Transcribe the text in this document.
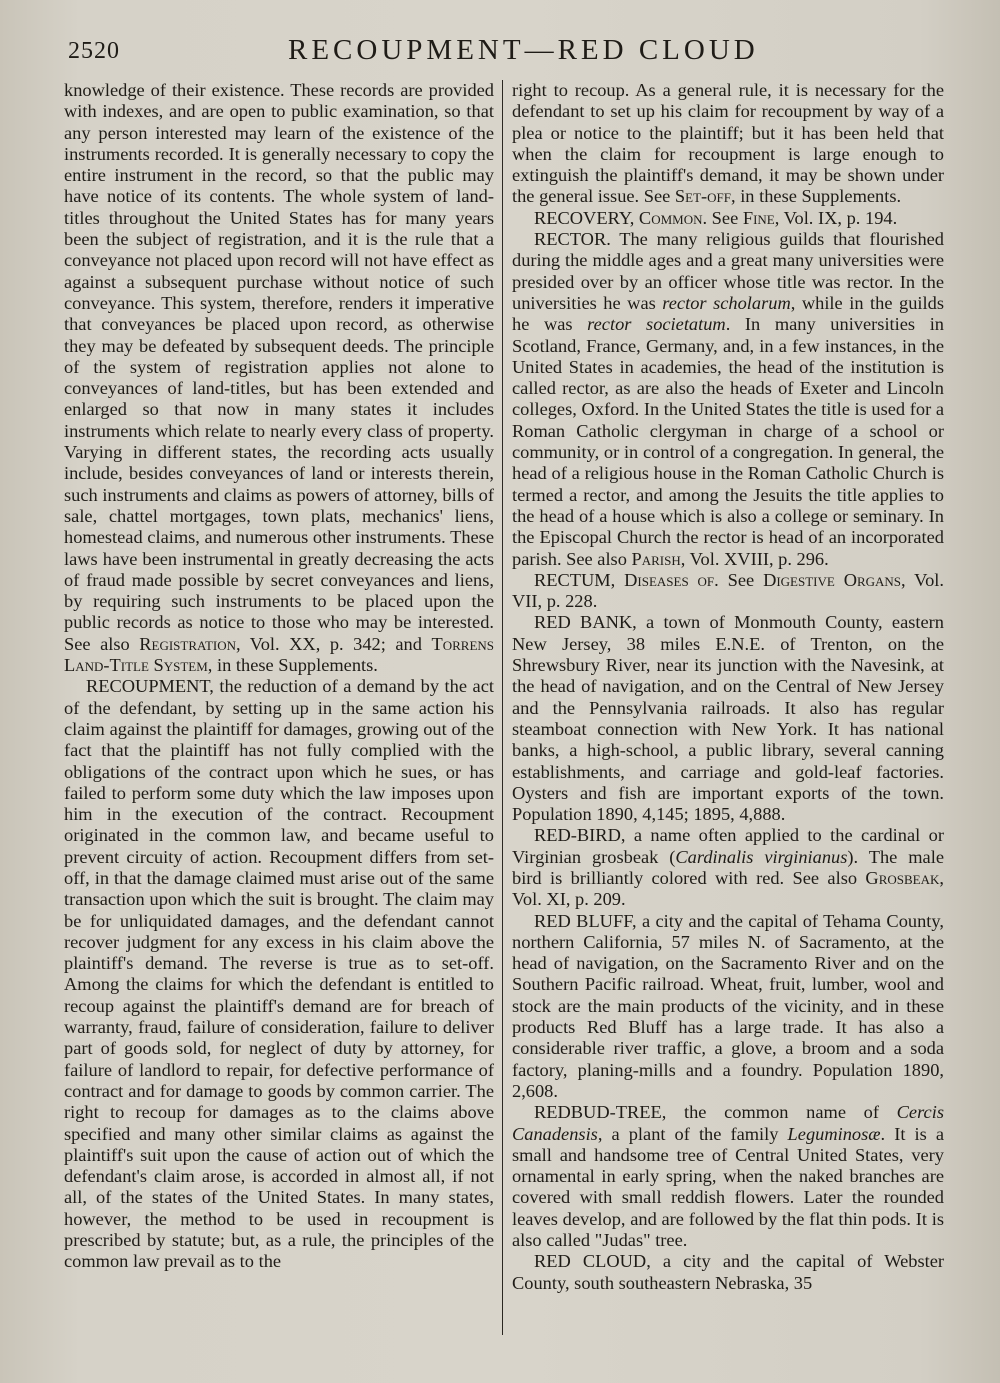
2520	RECOUPMENT—RED CLOUD

knowledge of their existence. These records are provided with indexes, and are open to public examination, so that any person interested may learn of the existence of the instruments recorded. It is generally necessary to copy the entire instrument in the record, so that the public may have notice of its contents. The whole system of land-titles throughout the United States has for many years been the subject of registration, and it is the rule that a conveyance not placed upon record will not have effect as against a subsequent purchase without notice of such conveyance. This system, therefore, renders it imperative that conveyances be placed upon record, as otherwise they may be defeated by subsequent deeds. The principle of the system of registration applies not alone to conveyances of land-titles, but has been extended and enlarged so that now in many states it includes instruments which relate to nearly every class of property. Varying in different states, the recording acts usually include, besides conveyances of land or interests therein, such instruments and claims as powers of attorney, bills of sale, chattel mortgages, town plats, mechanics' liens, homestead claims, and numerous other instruments. These laws have been instrumental in greatly decreasing the acts of fraud made possible by secret conveyances and liens, by requiring such instruments to be placed upon the public records as notice to those who may be interested. See also Registration, Vol. XX, p. 342; and Torrens Land-Title System, in these Supplements.

RECOUPMENT, the reduction of a demand by the act of the defendant, by setting up in the same action his claim against the plaintiff for damages, growing out of the fact that the plaintiff has not fully complied with the obligations of the contract upon which he sues, or has failed to perform some duty which the law imposes upon him in the execution of the contract. Recoupment originated in the common law, and became useful to prevent circuity of action. Recoupment differs from set-off, in that the damage claimed must arise out of the same transaction upon which the suit is brought. The claim may be for unliquidated damages, and the defendant cannot recover judgment for any excess in his claim above the plaintiff's demand. The reverse is true as to set-off. Among the claims for which the defendant is entitled to recoup against the plaintiff's demand are for breach of warranty, fraud, failure of consideration, failure to deliver part of goods sold, for neglect of duty by attorney, for failure of landlord to repair, for defective performance of contract and for damage to goods by common carrier. The right to recoup for damages as to the claims above specified and many other similar claims as against the plaintiff's suit upon the cause of action out of which the defendant's claim arose, is accorded in almost all, if not all, of the states of the United States. In many states, however, the method to be used in recoupment is prescribed by statute; but, as a rule, the principles of the common law prevail as to the

right to recoup. As a general rule, it is necessary for the defendant to set up his claim for recoupment by way of a plea or notice to the plaintiff; but it has been held that when the claim for recoupment is large enough to extinguish the plaintiff's demand, it may be shown under the general issue. See Set-off, in these Supplements.

RECOVERY, Common. See Fine, Vol. IX, p. 194.

RECTOR. The many religious guilds that flourished during the middle ages and a great many universities were presided over by an officer whose title was rector. In the universities he was rector scholarum, while in the guilds he was rector societatum. In many universities in Scotland, France, Germany, and, in a few instances, in the United States in academies, the head of the institution is called rector, as are also the heads of Exeter and Lincoln colleges, Oxford. In the United States the title is used for a Roman Catholic clergyman in charge of a school or community, or in control of a congregation. In general, the head of a religious house in the Roman Catholic Church is termed a rector, and among the Jesuits the title applies to the head of a house which is also a college or seminary. In the Episcopal Church the rector is head of an incorporated parish. See also Parish, Vol. XVIII, p. 296.

RECTUM, Diseases of. See Digestive Organs, Vol. VII, p. 228.

RED BANK, a town of Monmouth County, eastern New Jersey, 38 miles E.N.E. of Trenton, on the Shrewsbury River, near its junction with the Navesink, at the head of navigation, and on the Central of New Jersey and the Pennsylvania railroads. It also has regular steamboat connection with New York. It has national banks, a high-school, a public library, several canning establishments, and carriage and gold-leaf factories. Oysters and fish are important exports of the town. Population 1890, 4,145; 1895, 4,888.

RED-BIRD, a name often applied to the cardinal or Virginian grosbeak (Cardinalis virginianus). The male bird is brilliantly colored with red. See also Grosbeak, Vol. XI, p. 209.

RED BLUFF, a city and the capital of Tehama County, northern California, 57 miles N. of Sacramento, at the head of navigation, on the Sacramento River and on the Southern Pacific railroad. Wheat, fruit, lumber, wool and stock are the main products of the vicinity, and in these products Red Bluff has a large trade. It has also a considerable river traffic, a glove, a broom and a soda factory, planing-mills and a foundry. Population 1890, 2,608.

REDBUD-TREE, the common name of Cercis Canadensis, a plant of the family Leguminosæ. It is a small and handsome tree of Central United States, very ornamental in early spring, when the naked branches are covered with small reddish flowers. Later the rounded leaves develop, and are followed by the flat thin pods. It is also called "Judas" tree.

RED CLOUD, a city and the capital of Webster County, south southeastern Nebraska, 35
